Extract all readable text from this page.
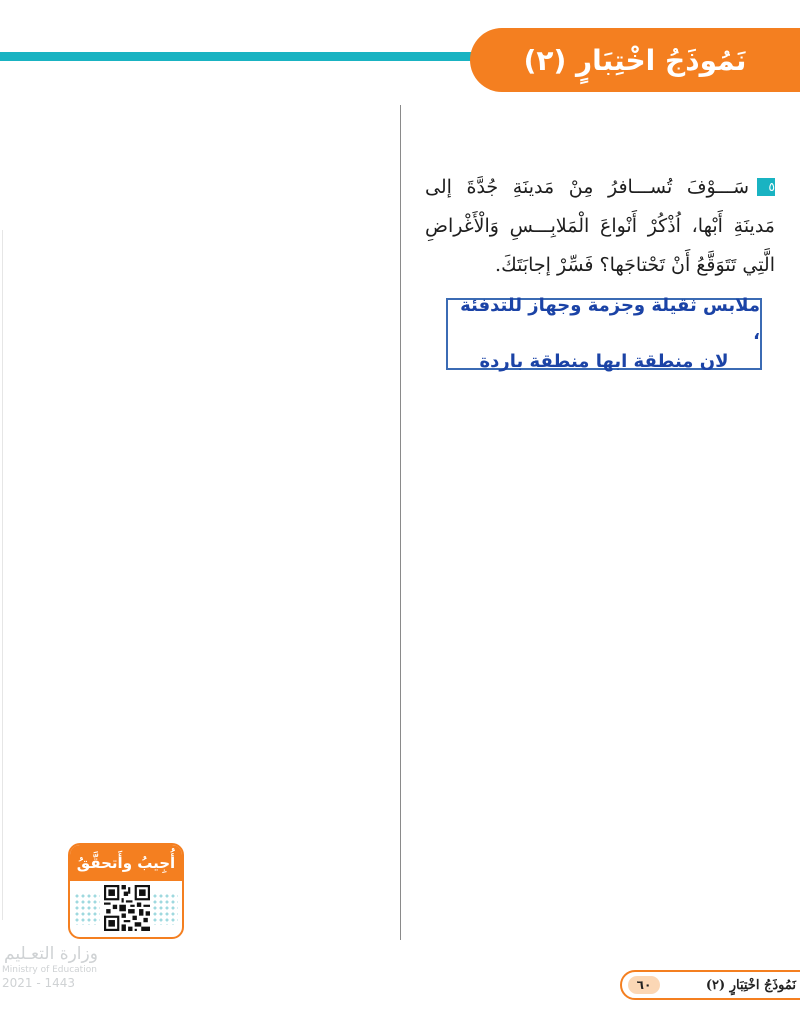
نَمُوذَجُ اخْتِبَارٍ (٢)
٥سَـــوْفَ تُســـافرُ مِنْ مَدينَةِ جُدَّةَ إلى مَدينَةِ أَبْها، اُذْكُرْ أَنْواعَ الْمَلابِـــسِ وَالْأَغْراضِ الَّتِي تَتَوَقَّعُ أَنْ تَحْتاجَها؟ فَسِّرْ إجابَتَكَ.
ملابس ثقيلة وجزمة وجهاز للتدفئة ،
لان منطقة ابها منطقة باردة
أُجِيبُ وأَتحقَّقُ
وزارة التعـليم
Ministry of Education
2021 - 1443	نَمُوذَجُ اخْتِبَارٍ (٢)
٦٠
